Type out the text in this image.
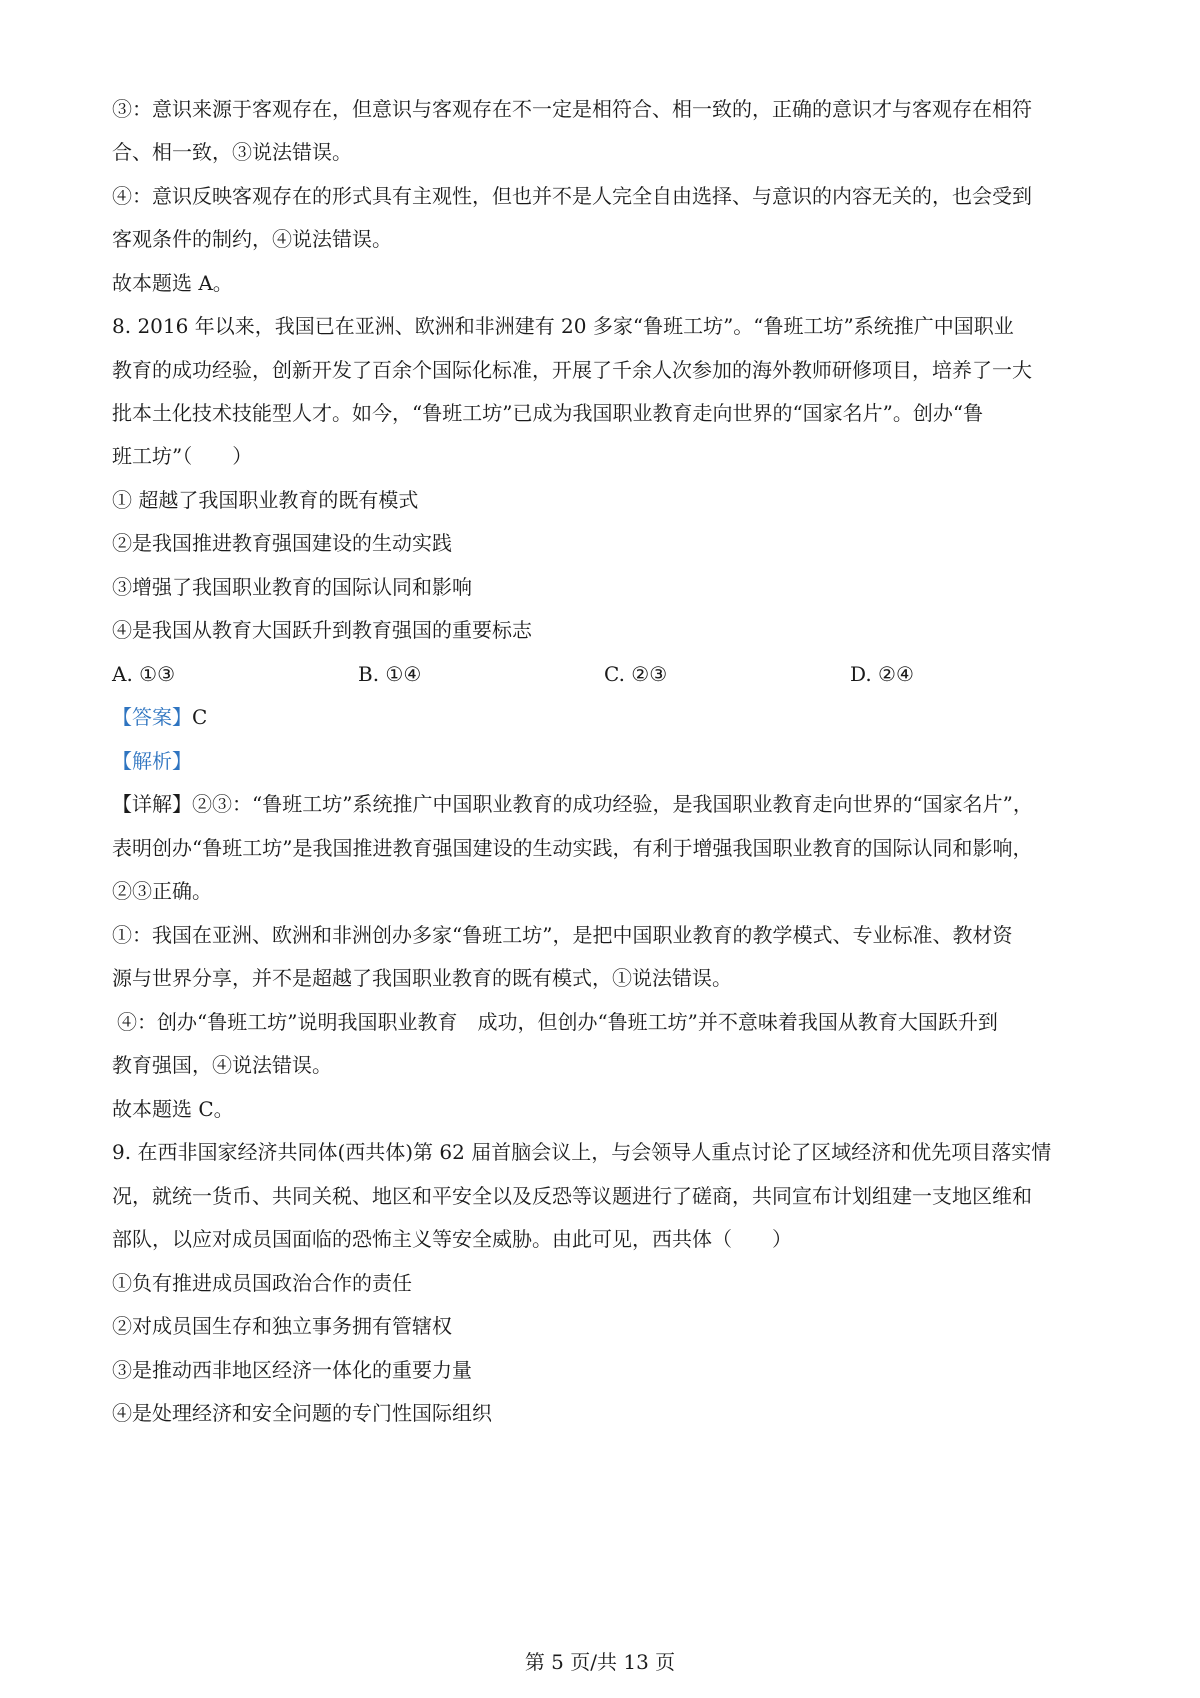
③：意识来源于客观存在，但意识与客观存在不一定是相符合、相一致的，正确的意识才与客观存在相符
合、相一致，③说法错误。
④：意识反映客观存在的形式具有主观性，但也并不是人完全自由选择、与意识的内容无关的，也会受到
客观条件的制约，④说法错误。
故本题选 A。
8. 2016 年以来，我国已在亚洲、欧洲和非洲建有 20 多家“鲁班工坊”。“鲁班工坊”系统推广中国职业
教育的成功经验，创新开发了百余个国际化标准，开展了千余人次参加的海外教师研修项目，培养了一大
批本土化技术技能型人才。如今，“鲁班工坊”已成为我国职业教育走向世界的“国家名片”。创办“鲁
班工坊”（　　）
① 超越了我国职业教育的既有模式
②是我国推进教育强国建设的生动实践
③增强了我国职业教育的国际认同和影响
④是我国从教育大国跃升到教育强国的重要标志
A. ①③	B. ①④	C. ②③	D. ②④
【答案】C
【解析】
【详解】②③：“鲁班工坊”系统推广中国职业教育的成功经验，是我国职业教育走向世界的“国家名片”，
表明创办“鲁班工坊”是我国推进教育强国建设的生动实践，有利于增强我国职业教育的国际认同和影响，
②③正确。
①：我国在亚洲、欧洲和非洲创办多家“鲁班工坊”，是把中国职业教育的教学模式、专业标准、教材资
源与世界分享，并不是超越了我国职业教育的既有模式，①说法错误。
④：创办“鲁班工坊”说明我国职业教育　成功，但创办“鲁班工坊”并不意味着我国从教育大国跃升到
教育强国，④说法错误。
故本题选 C。
9. 在西非国家经济共同体(西共体)第 62 届首脑会议上，与会领导人重点讨论了区域经济和优先项目落实情
况，就统一货币、共同关税、地区和平安全以及反恐等议题进行了磋商，共同宣布计划组建一支地区维和
部队，以应对成员国面临的恐怖主义等安全威胁。由此可见，西共体（　　）
①负有推进成员国政治合作的责任
②对成员国生存和独立事务拥有管辖权
③是推动西非地区经济一体化的重要力量
④是处理经济和安全问题的专门性国际组织
第 5 页/共 13 页
